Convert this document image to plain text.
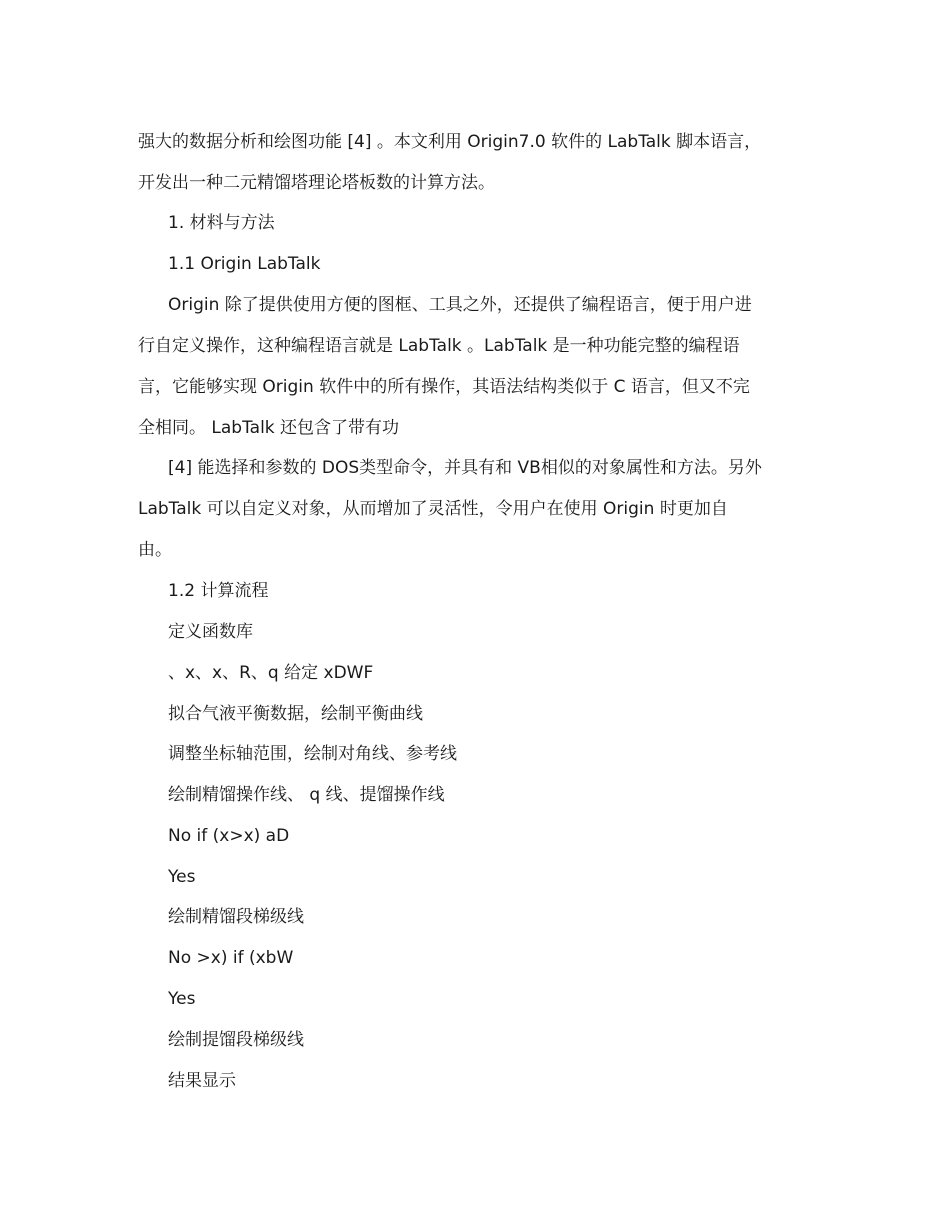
强大的数据分析和绘图功能 [4] 。本文利用 Origin7.0 软件的 LabTalk 脚本语言，
开发出一种二元精馏塔理论塔板数的计算方法。
1. 材料与方法
1.1 Origin LabTalk
Origin 除了提供使用方便的图框、工具之外，还提供了编程语言，便于用户进
行自定义操作，这种编程语言就是 LabTalk 。LabTalk 是一种功能完整的编程语
言，它能够实现 Origin 软件中的所有操作，其语法结构类似于 C 语言，但又不完
全相同。 LabTalk 还包含了带有功
[4] 能选择和参数的 DOS类型命令，并具有和 VB相似的对象属性和方法。另外
LabTalk 可以自定义对象，从而增加了灵活性，令用户在使用 Origin 时更加自
由。
1.2 计算流程
定义函数库
、x、x、R、q 给定 xDWF
拟合气液平衡数据，绘制平衡曲线
调整坐标轴范围，绘制对角线、参考线
绘制精馏操作线、 q 线、提馏操作线
No if (x>x) aD
Yes
绘制精馏段梯级线
No >x) if (xbW
Yes
绘制提馏段梯级线
结果显示
